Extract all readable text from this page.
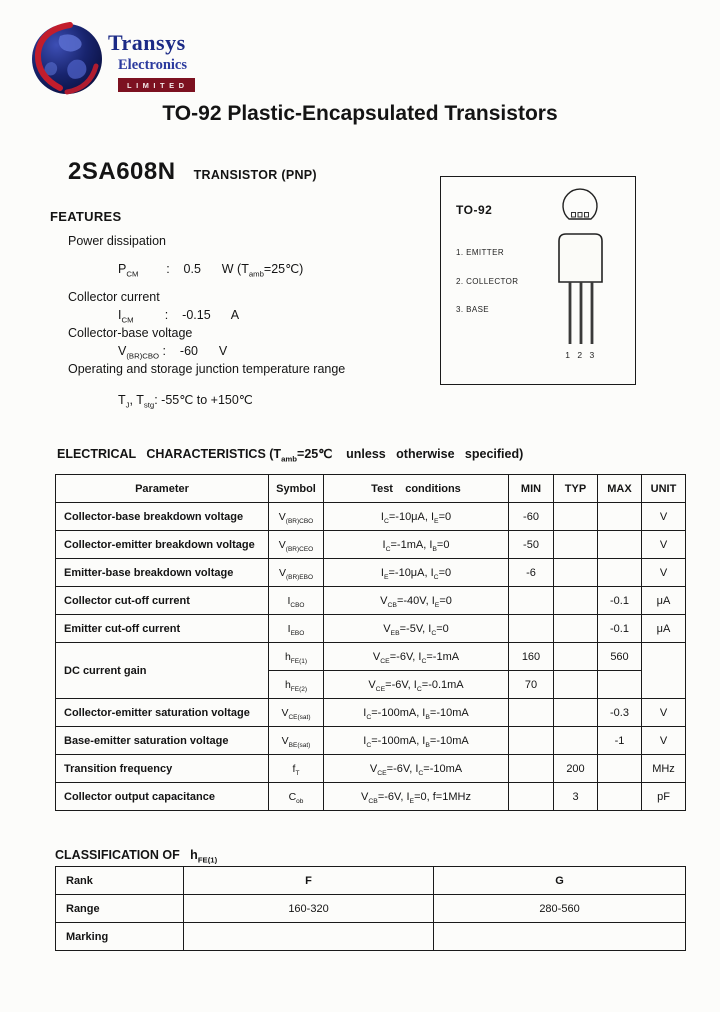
Transys
Electronics
LIMITED
TO-92 Plastic-Encapsulated Transistors
2SA608N TRANSISTOR (PNP)
FEATURES
Power dissipation
$P_{CM}$        :    0.5      W $(T_{amb}=25℃)$
Collector current
$I_{CM}$         :    -0.15      A
Collector-base voltage
$V_{(BR)CBO}$ :    -60      V
Operating and storage junction temperature range
$T_J$, $T_{stg}$: -55℃ to +150℃
TO-92
1. EMITTER
2. COLLECTOR
3. BASE
1 2 3
ELECTRICAL   CHARACTERISTICS ($T_{amb}=25℃$    unless   otherwise   specified)
Parameter	Symbol	Test    conditions	MIN	TYP	MAX	UNIT
Collector-base breakdown voltage	$V_{(BR)CBO}$	$I_C=-10\mu A$, $I_E=0$	-60			V
Collector-emitter breakdown voltage	$V_{(BR)CEO}$	$I_C=-1mA$, $I_B=0$	-50			V
Emitter-base breakdown voltage	$V_{(BR)EBO}$	$I_E=-10\mu A$, $I_C=0$	-6			V
Collector cut-off current	$I_{CBO}$	$V_{CB}=-40V$, $I_E=0$			-0.1	μA
Emitter cut-off current	$I_{EBO}$	$V_{EB}=-5V$, $I_C=0$			-0.1	μA
DC current gain	$h_{FE(1)}$	$V_{CE}=-6V$, $I_C=-1mA$	160		560	
	$h_{FE(2)}$	$V_{CE}=-6V$, $I_C=-0.1mA$	70			
Collector-emitter saturation voltage	$V_{CE(sat)}$	$I_C=-100mA$, $I_B=-10mA$			-0.3	V
Base-emitter saturation voltage	$V_{BE(sat)}$	$I_C=-100mA$, $I_B=-10mA$			-1	V
Transition frequency	$f_T$	$V_{CE}=-6V$, $I_C=-10mA$		200		MHz
Collector output capacitance	$C_{ob}$	$V_{CB}=-6V$, $I_E=0$, f=1MHz		3		pF
CLASSIFICATION OF   $h_{FE(1)}$
Rank	F	G
Range	160-320	280-560
Marking		
